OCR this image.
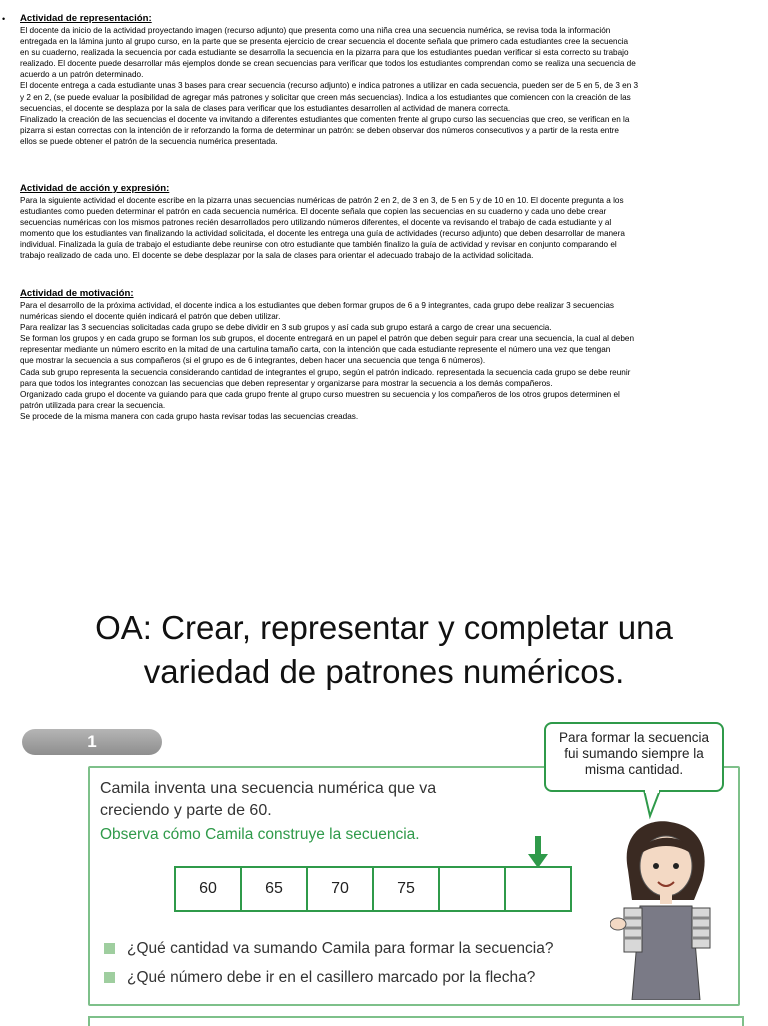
• Actividad de representación:

El docente da inicio de la actividad proyectando imagen (recurso adjunto) que presenta como una niña crea una secuencia numérica, se revisa toda la información

entregada en la lámina junto al grupo curso, en la parte que se presenta ejercicio de crear secuencia el docente señala que primero cada estudiantes cree la secuencia

en su cuaderno, realizada la secuencia por cada estudiante se desarrolla la secuencia en la pizarra para que los estudiantes puedan verificar si esta correcto su trabajo

realizado. El docente puede desarrollar más ejemplos donde se crean secuencias para verificar que todos los estudiantes comprendan como se realiza una secuencia de

acuerdo a un patrón determinado.

El docente entrega a cada estudiante unas 3 bases para crear secuencia (recurso adjunto) e indica patrones a utilizar en cada secuencia, pueden ser de 5 en 5, de 3 en 3

y 2 en 2, (se puede evaluar la posibilidad de agregar más patrones y solicitar que creen más secuencias). Indica a los estudiantes que comiencen con la creación de las

secuencias, el docente se desplaza por la sala de clases para verificar que los estudiantes desarrollen al actividad de manera correcta.

Finalizado la creación de las secuencias el docente va invitando a diferentes estudiantes que comenten frente al grupo curso las secuencias que creo, se verifican en la

pizarra si estan correctas con la intención de ir reforzando la forma de determinar un patrón: se deben observar dos números consecutivos y a partir de la resta entre

ellos se puede obtener el patrón de la secuencia numérica presentada.

Actividad de acción y expresión:

Para la siguiente actividad el docente escribe en la pizarra unas secuencias numéricas de patrón 2 en 2, de 3 en 3, de 5 en 5 y de 10 en 10. El docente pregunta a los

estudiantes como pueden determinar el patrón en cada secuencia numérica. El docente señala que copien las secuencias en su cuaderno y cada uno debe crear

secuencias numéricas con los mismos patrones recién desarrollados pero utilizando números diferentes, el docente va revisando el trabajo de cada estudiante y al

momento que los estudiantes van finalizando la actividad solicitada, el docente les entrega una guía de actividades (recurso adjunto) que deben desarrollar de manera

individual. Finalizada la guía de trabajo el estudiante debe reunirse con otro estudiante que también finalizo la guía de actividad y revisar en conjunto comparando el

trabajo realizado de cada uno. El docente se debe desplazar por la sala de clases para orientar el adecuado trabajo de la actividad solicitada.

Actividad de motivación:

Para el desarrollo de la próxima actividad, el docente indica a los estudiantes que deben formar grupos de 6 a 9 integrantes, cada grupo debe realizar 3 secuencias

numéricas siendo el docente quién indicará el patrón que deben utilizar.

Para realizar las 3 secuencias solicitadas cada grupo se debe dividir en 3 sub grupos y así cada sub grupo estará a cargo de crear una secuencia.

Se forman los grupos y en cada grupo se forman los sub grupos, el docente entregará en un papel el patrón que deben seguir para crear una secuencia, la cual al deben

representar mediante un número escrito en la mitad de una cartulina tamaño carta, con la intención que cada estudiante represente el número una vez que tengan

que mostrar la secuencia a sus compañeros (si el grupo es de 6 integrantes, deben hacer una secuencia que tenga 6 números).

Cada sub grupo representa la secuencia considerando cantidad de integrantes el grupo, según el patrón indicado. representada la secuencia cada grupo se debe reunir

para que todos los integrantes conozcan las secuencias que deben representar y organizarse para mostrar la secuencia a los demás compañeros.

Organizado cada grupo el docente va guiando para que cada grupo frente al grupo curso muestren su secuencia y los compañeros de los otros grupos determinen el

patrón utilizada para crear la secuencia.

Se procede de la misma manera con cada grupo hasta revisar todas las secuencias creadas.

OA: Crear, representar y completar una
variedad de patrones numéricos.
1
Camila inventa una secuencia numérica que va
creciendo y parte de 60.
Observa cómo Camila construye la secuencia.
60	65	70	75		
¿Qué cantidad va sumando Camila para formar la secuencia?
¿Qué número debe ir en el casillero marcado por la flecha?
Para formar la secuencia
fui sumando siempre la
misma cantidad.
